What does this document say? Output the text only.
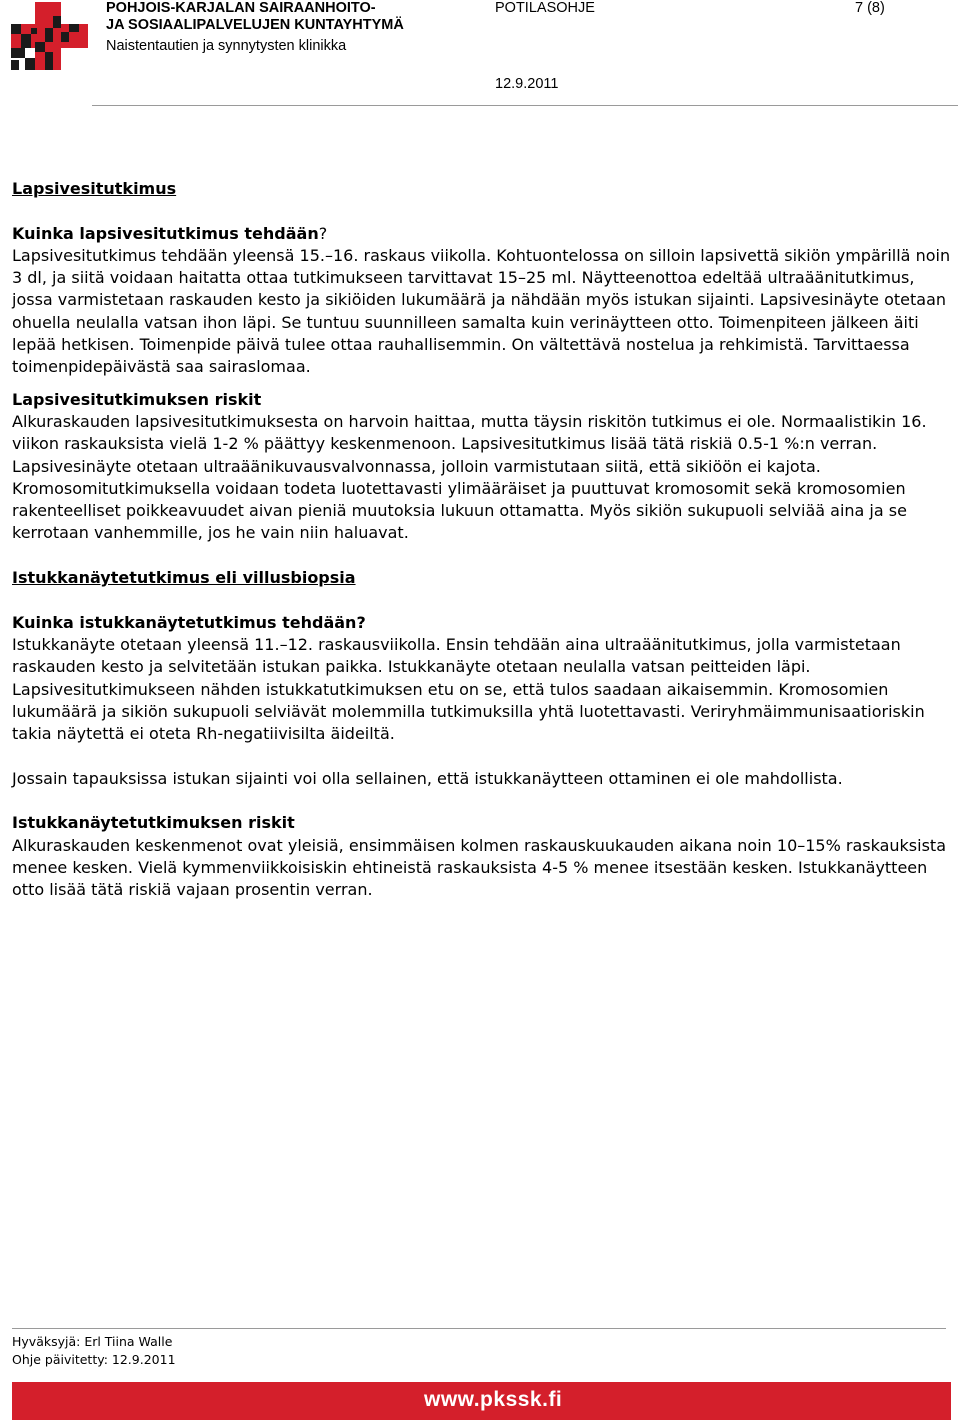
POHJOIS-KARJALAN SAIRAANHOITO-
JA SOSIAALIPALVELUJEN KUNTAYHTYMÄ
Naistentautien ja synnytysten klinikka
POTILASOHJE	7 (8)
12.9.2011

Lapsivesitutkimus

Kuinka lapsivesitutkimus tehdään?

Lapsivesitutkimus tehdään yleensä 15.–16. raskaus viikolla. Kohtuontelossa on silloin lapsivettä sikiön ympärillä noin 3 dl, ja siitä voidaan haitatta ottaa tutkimukseen tarvittavat 15–25 ml. Näytteenottoa edeltää ultraäänitutkimus, jossa varmistetaan raskauden kesto ja sikiöiden lukumäärä ja nähdään myös istukan sijainti. Lapsivesinäyte otetaan ohuella neulalla vatsan ihon läpi. Se tuntuu suunnilleen samalta kuin verinäytteen otto. Toimenpiteen jälkeen äiti lepää hetkisen. Toimenpide päivä tulee ottaa rauhallisemmin. On vältettävä nostelua ja rehkimistä. Tarvittaessa toimenpidepäivästä saa sairaslomaa.

Lapsivesitutkimuksen riskit

Alkuraskauden lapsivesitutkimuksesta on harvoin haittaa, mutta täysin riskitön tutkimus ei ole. Normaalistikin 16. viikon raskauksista vielä 1-2 % päättyy keskenmenoon. Lapsivesitutkimus lisää tätä riskiä 0.5-1 %:n verran. Lapsivesinäyte otetaan ultraäänikuvausvalvonnassa, jolloin varmistutaan siitä, että sikiöön ei kajota.

Kromosomitutkimuksella voidaan todeta luotettavasti ylimääräiset ja puuttuvat kromosomit sekä kromosomien rakenteelliset poikkeavuudet aivan pieniä muutoksia lukuun ottamatta. Myös sikiön sukupuoli selviää aina ja se kerrotaan vanhemmille, jos he vain niin haluavat.

Istukkanäytetutkimus eli villusbiopsia

Kuinka istukkanäytetutkimus tehdään?

Istukkanäyte otetaan yleensä 11.–12. raskausviikolla. Ensin tehdään aina ultraäänitutkimus, jolla varmistetaan raskauden kesto ja selvitetään istukan paikka. Istukkanäyte otetaan neulalla vatsan peitteiden läpi. Lapsivesitutkimukseen nähden istukkatutkimuksen etu on se, että tulos saadaan aikaisemmin. Kromosomien lukumäärä ja sikiön sukupuoli selviävät molemmilla tutkimuksilla yhtä luotettavasti. Veriryhmäimmunisaatioriskin takia näytettä ei oteta Rh-negatiivisilta äideiltä.

Jossain tapauksissa istukan sijainti voi olla sellainen, että istukkanäytteen ottaminen ei ole mahdollista.

Istukkanäytetutkimuksen riskit

Alkuraskauden keskenmenot ovat yleisiä, ensimmäisen kolmen raskauskuukauden aikana noin 10–15% raskauksista menee kesken. Vielä kymmenviikkoisiskin ehtineistä raskauksista 4-5 % menee itsestään kesken. Istukkanäytteen otto lisää tätä riskiä vajaan prosentin verran.

Hyväksyjä: Erl Tiina Walle
Ohje päivitetty: 12.9.2011
www.pkssk.fi
